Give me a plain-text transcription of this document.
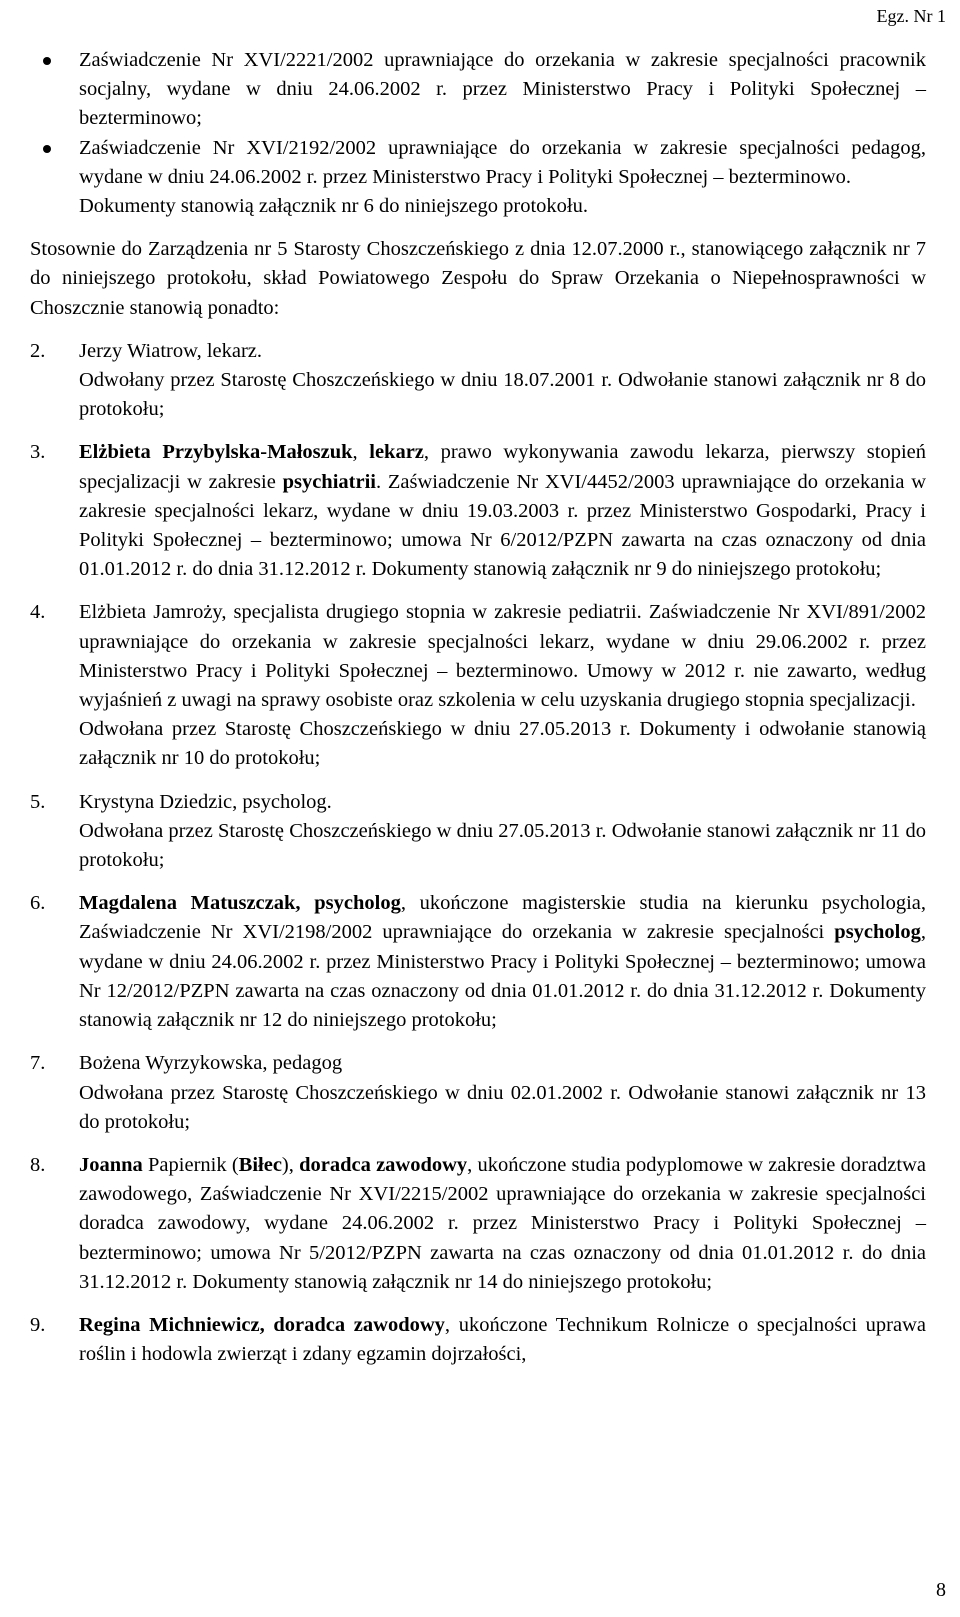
Egz. Nr 1
Zaświadczenie Nr XVI/2221/2002 uprawniające do orzekania w zakresie specjalności pracownik socjalny, wydane w dniu 24.06.2002 r. przez Ministerstwo Pracy i Polityki Społecznej – bezterminowo;
Zaświadczenie Nr XVI/2192/2002 uprawniające do orzekania w zakresie specjalności pedagog, wydane w dniu 24.06.2002 r. przez Ministerstwo Pracy i Polityki Społecznej – bezterminowo.

Dokumenty stanowią załącznik nr 6 do niniejszego protokołu.

Stosownie do Zarządzenia nr 5 Starosty Choszczeńskiego z dnia 12.07.2000 r., stanowiącego załącznik nr 7 do niniejszego protokołu, skład Powiatowego Zespołu do Spraw Orzekania o Niepełnosprawności w Choszcznie stanowią ponadto:

2. Jerzy Wiatrow, lekarz.

Odwołany przez Starostę Choszczeńskiego w dniu 18.07.2001 r. Odwołanie stanowi załącznik nr 8 do protokołu;

3. Elżbieta Przybylska-Małoszuk, lekarz, prawo wykonywania zawodu lekarza, pierwszy stopień specjalizacji w zakresie psychiatrii. Zaświadczenie Nr XVI/4452/2003 uprawniające do orzekania w zakresie specjalności lekarz, wydane w dniu 19.03.2003 r. przez Ministerstwo Gospodarki, Pracy i Polityki Społecznej – bezterminowo; umowa Nr 6/2012/PZPN zawarta na czas oznaczony od dnia 01.01.2012 r. do dnia 31.12.2012 r. Dokumenty stanowią załącznik nr 9 do niniejszego protokołu;

4. Elżbieta Jamroży, specjalista drugiego stopnia w zakresie pediatrii. Zaświadczenie Nr XVI/891/2002 uprawniające do orzekania w zakresie specjalności lekarz, wydane w dniu 29.06.2002 r. przez Ministerstwo Pracy i Polityki Społecznej – bezterminowo. Umowy w 2012 r. nie zawarto, według wyjaśnień z uwagi na sprawy osobiste oraz szkolenia w celu uzyskania drugiego stopnia specjalizacji.

Odwołana przez Starostę Choszczeńskiego w dniu 27.05.2013 r. Dokumenty i odwołanie stanowią załącznik nr 10 do protokołu;

5. Krystyna Dziedzic, psycholog.

Odwołana przez Starostę Choszczeńskiego w dniu 27.05.2013 r. Odwołanie stanowi załącznik nr 11 do protokołu;

6. Magdalena Matuszczak, psycholog, ukończone magisterskie studia na kierunku psychologia, Zaświadczenie Nr XVI/2198/2002 uprawniające do orzekania w zakresie specjalności psycholog, wydane w dniu 24.06.2002 r. przez Ministerstwo Pracy i Polityki Społecznej – bezterminowo; umowa Nr 12/2012/PZPN zawarta na czas oznaczony od dnia 01.01.2012 r. do dnia 31.12.2012 r. Dokumenty stanowią załącznik nr 12 do niniejszego protokołu;

7. Bożena Wyrzykowska, pedagog

Odwołana przez Starostę Choszczeńskiego w dniu 02.01.2002 r. Odwołanie stanowi załącznik nr 13 do protokołu;

8. Joanna Papiernik (Biłec), doradca zawodowy, ukończone studia podyplomowe w zakresie doradztwa zawodowego, Zaświadczenie Nr XVI/2215/2002 uprawniające do orzekania w zakresie specjalności doradca zawodowy, wydane 24.06.2002 r. przez Ministerstwo Pracy i Polityki Społecznej – bezterminowo; umowa Nr 5/2012/PZPN zawarta na czas oznaczony od dnia 01.01.2012 r. do dnia 31.12.2012 r. Dokumenty stanowią załącznik nr 14 do niniejszego protokołu;

9. Regina Michniewicz, doradca zawodowy, ukończone Technikum Rolnicze o specjalności uprawa roślin i hodowla zwierząt i zdany egzamin dojrzałości,

8
